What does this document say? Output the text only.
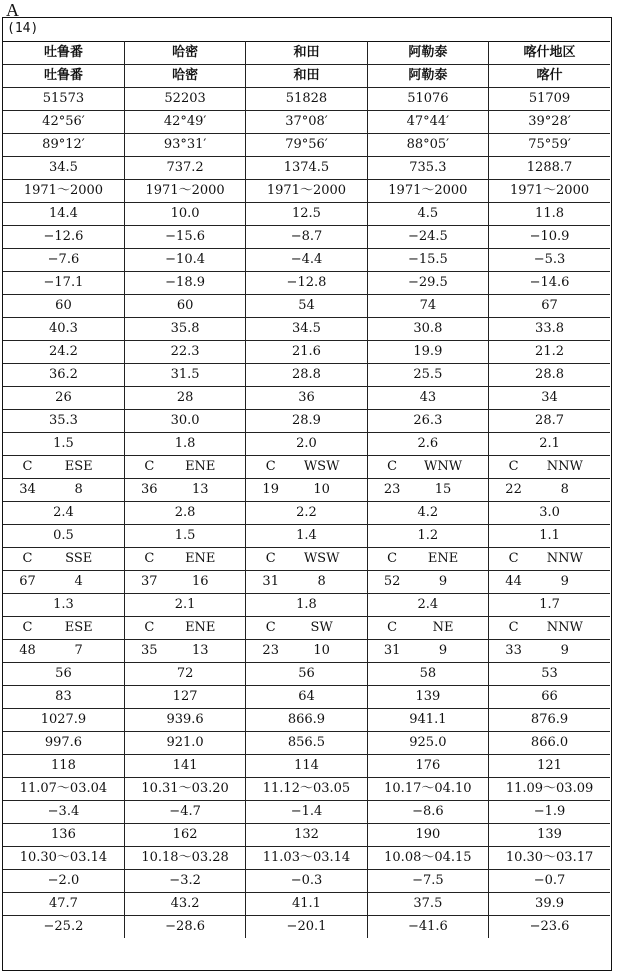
A
(14)
吐鲁番	哈密	和田	阿勒泰	喀什地区
吐鲁番	哈密	和田	阿勒泰	喀什
51573	52203	51828	51076	51709
42°56′	42°49′	37°08′	47°44′	39°28′
89°12′	93°31′	79°56′	88°05′	75°59′
34.5	737.2	1374.5	735.3	1288.7
1971～2000	1971～2000	1971～2000	1971～2000	1971～2000
14.4	10.0	12.5	4.5	11.8
−12.6	−15.6	−8.7	−24.5	−10.9
−7.6	−10.4	−4.4	−15.5	−5.3
−17.1	−18.9	−12.8	−29.5	−14.6
60	60	54	74	67
40.3	35.8	34.5	30.8	33.8
24.2	22.3	21.6	19.9	21.2
36.2	31.5	28.8	25.5	28.8
26	28	36	43	34
35.3	30.0	28.9	26.3	28.7
1.5	1.8	2.0	2.6	2.1
C ESE	C ENE	C WSW	C WNW	C NNW
34 8	36 13	19 10	23 15	22 8
2.4	2.8	2.2	4.2	3.0
0.5	1.5	1.4	1.2	1.1
C SSE	C ENE	C WSW	C ENE	C NNW
67 4	37 16	31 8	52 9	44 9
1.3	2.1	1.8	2.4	1.7
C ESE	C ENE	C SW	C NE	C NNW
48 7	35 13	23 10	31 9	33 9
56	72	56	58	53
83	127	64	139	66
1027.9	939.6	866.9	941.1	876.9
997.6	921.0	856.5	925.0	866.0
118	141	114	176	121
11.07～03.04	10.31～03.20	11.12～03.05	10.17～04.10	11.09～03.09
−3.4	−4.7	−1.4	−8.6	−1.9
136	162	132	190	139
10.30～03.14	10.18～03.28	11.03～03.14	10.08～04.15	10.30～03.17
−2.0	−3.2	−0.3	−7.5	−0.7
47.7	43.2	41.1	37.5	39.9
−25.2	−28.6	−20.1	−41.6	−23.6
